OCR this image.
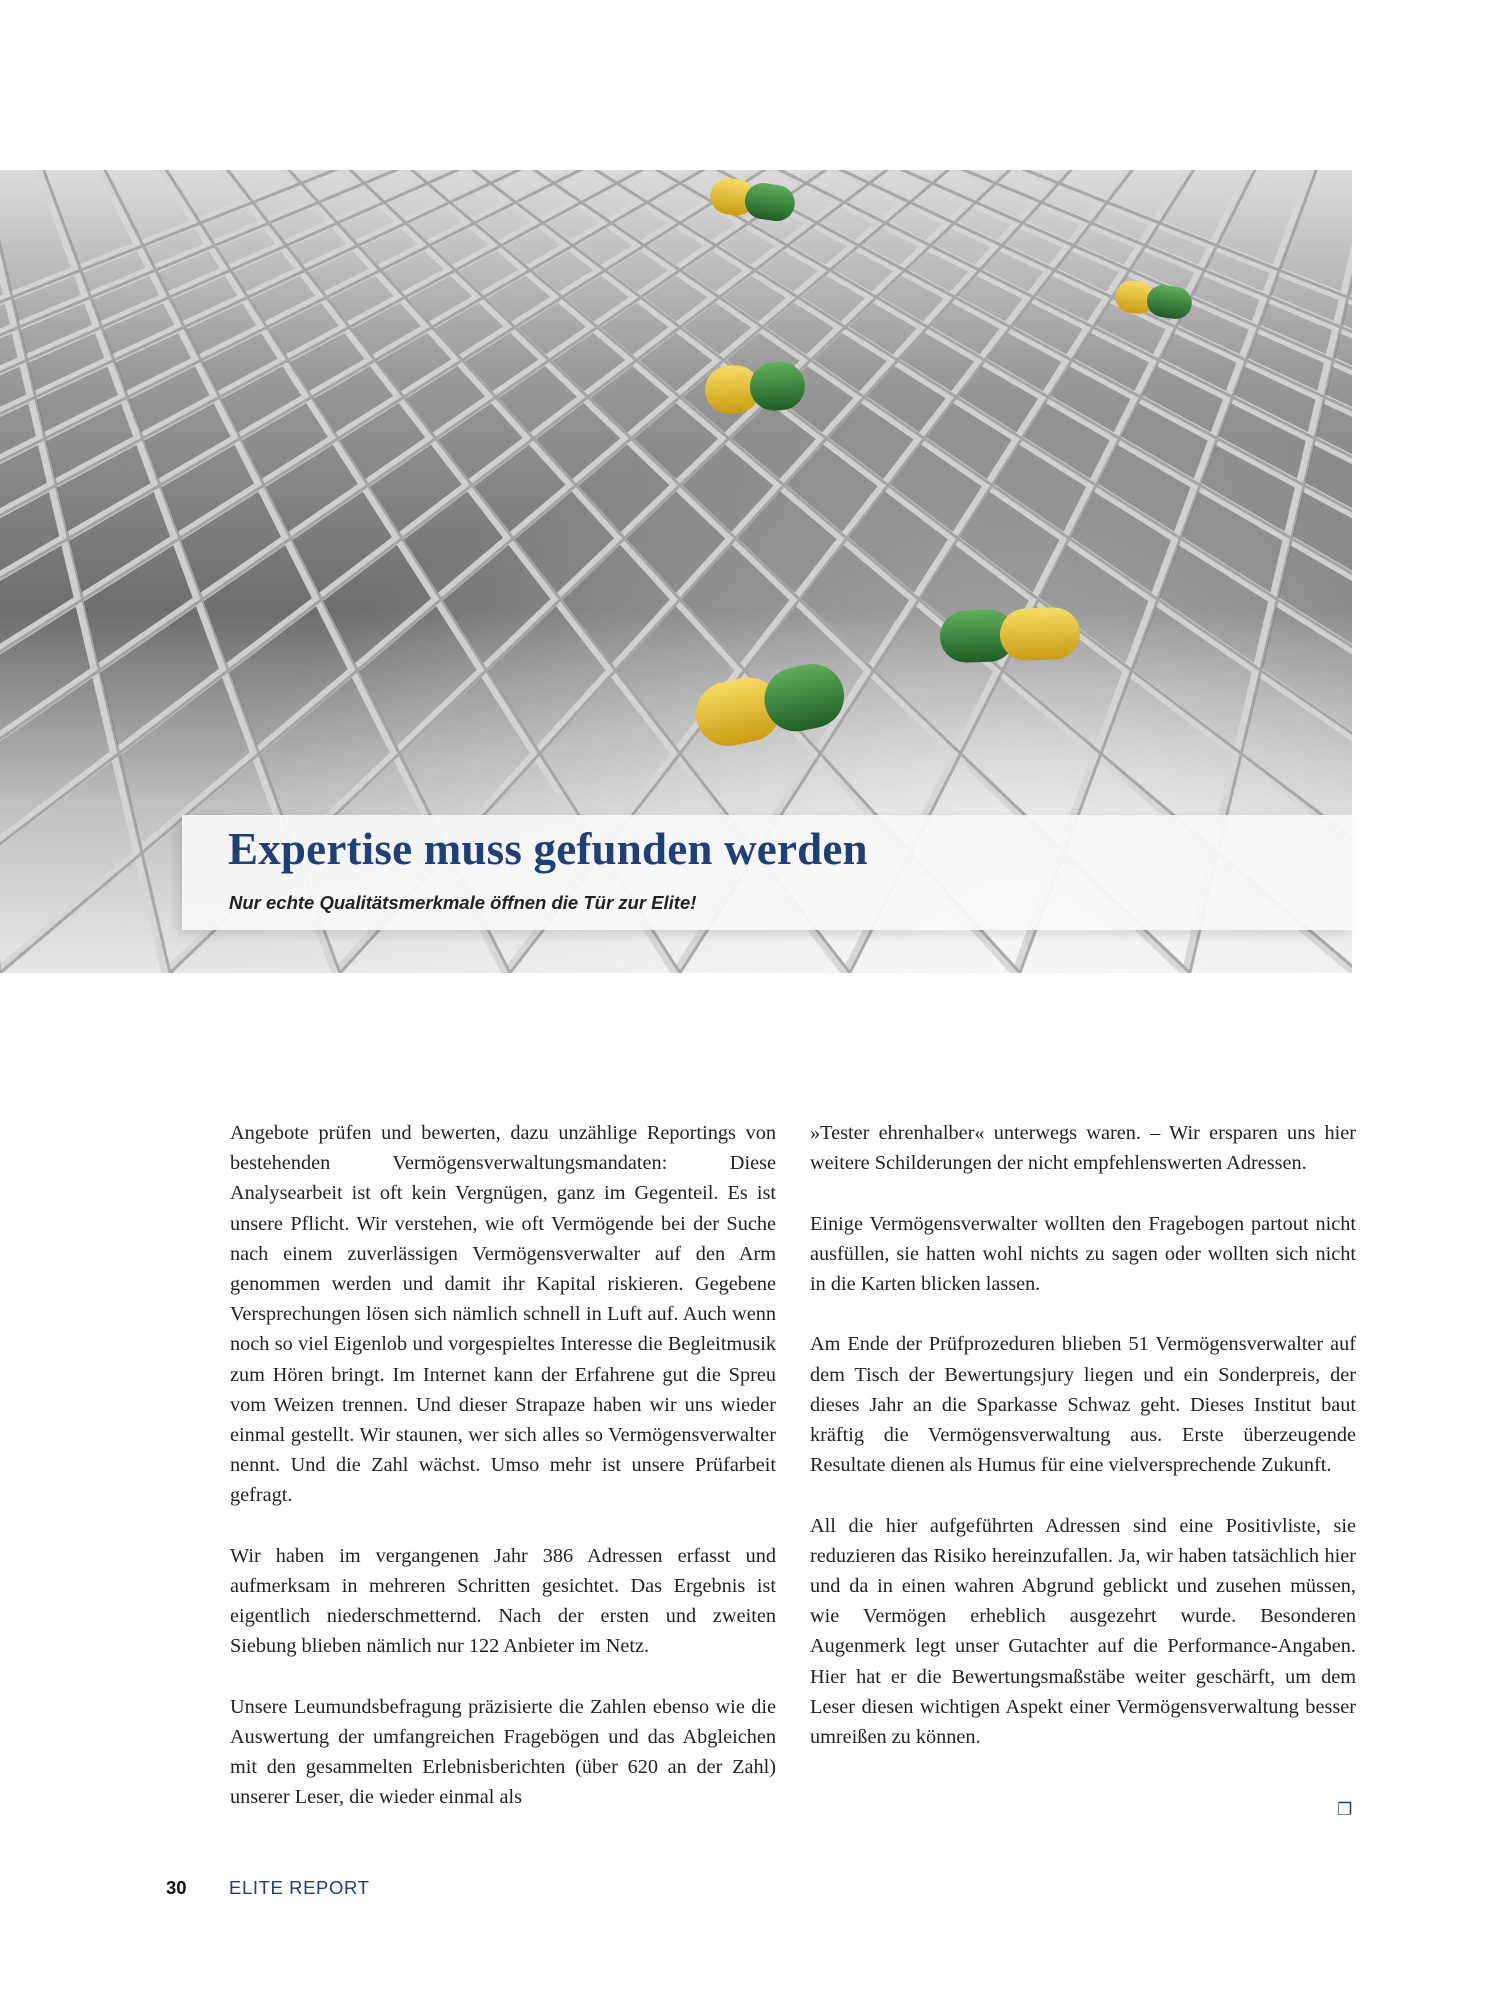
Expertise muss gefunden werden
Nur echte Qualitätsmerkmale öffnen die Tür zur Elite!

Angebote prüfen und bewerten, dazu unzählige Reportings von bestehenden Vermögensverwaltungsmandaten: Diese Analysearbeit ist oft kein Vergnügen, ganz im Gegenteil. Es ist unsere Pflicht. Wir verstehen, wie oft Vermögende bei der Suche nach einem zuverlässigen Vermögensverwalter auf den Arm genommen werden und damit ihr Kapital riskieren. Gegebene Versprechungen lösen sich nämlich schnell in Luft auf. Auch wenn noch so viel Eigenlob und vorgespieltes Interesse die Begleitmusik zum Hören bringt. Im Internet kann der Erfahrene gut die Spreu vom Weizen trennen. Und dieser Strapaze haben wir uns wieder einmal gestellt. Wir staunen, wer sich alles so Vermögensverwalter nennt. Und die Zahl wächst. Umso mehr ist unsere Prüfarbeit gefragt.

Wir haben im vergangenen Jahr 386 Adressen erfasst und aufmerksam in mehreren Schritten gesichtet. Das Ergebnis ist eigentlich niederschmetternd. Nach der ersten und zweiten Siebung blieben nämlich nur 122 Anbieter im Netz.

Unsere Leumundsbefragung präzisierte die Zahlen ebenso wie die Auswertung der umfangreichen Fragebögen und das Abgleichen mit den gesammelten Erlebnisberichten (über 620 an der Zahl) unserer Leser, die wieder einmal als

»Tester ehrenhalber« unterwegs waren. – Wir ersparen uns hier weitere Schilderungen der nicht empfehlenswerten Adressen.

Einige Vermögensverwalter wollten den Fragebogen partout nicht ausfüllen, sie hatten wohl nichts zu sagen oder wollten sich nicht in die Karten blicken lassen.

Am Ende der Prüfprozeduren blieben 51 Vermögensverwalter auf dem Tisch der Bewertungsjury liegen und ein Sonderpreis, der dieses Jahr an die Sparkasse Schwaz geht. Dieses Institut baut kräftig die Vermögensverwaltung aus. Erste überzeugende Resultate dienen als Humus für eine vielversprechende Zukunft.

All die hier aufgeführten Adressen sind eine Positivliste, sie reduzieren das Risiko hereinzufallen. Ja, wir haben tatsächlich hier und da in einen wahren Abgrund geblickt und zusehen müssen, wie Vermögen erheblich ausgezehrt wurde. Besonderen Augenmerk legt unser Gutachter auf die Performance-Angaben. Hier hat er die Bewertungsmaßstäbe weiter geschärft, um dem Leser diesen wichtigen Aspekt einer Vermögensverwaltung besser umreißen zu können.

❐
30 ELITE REPORT
